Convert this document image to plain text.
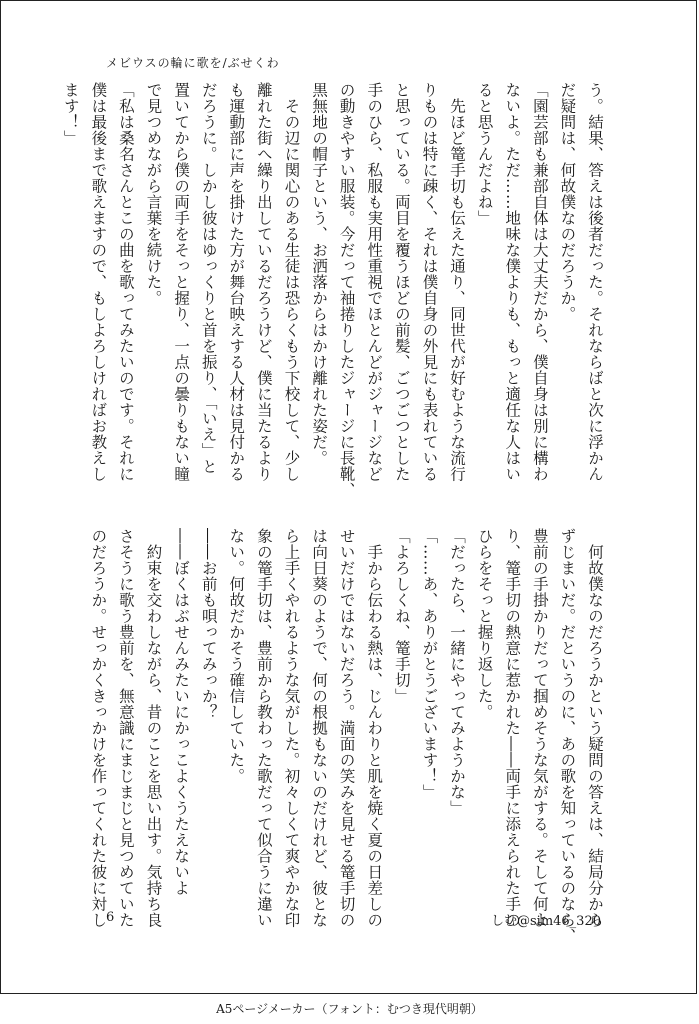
メビウスの輪に歌を/ぶせくわ

う。結果、答えは後者だった。それならばと次に浮かん

だ疑問は、何故僕なのだろうか。

「園芸部も兼部自体は大丈夫だから、僕自身は別に構わ

ないよ。ただ……地味な僕よりも、もっと適任な人はい

ると思うんだよね」

　先ほど篭手切も伝えた通り、同世代が好むような流行

りものは特に疎く、それは僕自身の外見にも表れている

と思っている。両目を覆うほどの前髪、ごつごつとした

手のひら、私服も実用性重視でほとんどがジャージなど

の動きやすい服装。今だって袖捲りしたジャージに長靴、

黒無地の帽子という、お洒落からはかけ離れた姿だ。

　その辺に関心のある生徒は恐らくもう下校して、少し

離れた街へ繰り出しているだろうけど、僕に当たるより

も運動部に声を掛けた方が舞台映えする人材は見付かる

だろうに。しかし彼はゆっくりと首を振り、「いえ」と

置いてから僕の両手をそっと握り、一点の曇りもない瞳

で見つめながら言葉を続けた。

「私は桑名さんとこの曲を歌ってみたいのです。それに

僕は最後まで歌えますので、もしよろしければお教えし

ます！」

　何故僕なのだろうかという疑問の答えは、結局分から

ずじまいだ。だというのに、あの歌を知っているのなら、

豊前の手掛かりだって掴めそうな気がする。そして何よ

り、篭手切の熱意に惹かれた――両手に添えられた手の

ひらをそっと握り返した。

「だったら、一緒にやってみようかな」

「……あ、ありがとうございます！」

「よろしくね、篭手切」

　手から伝わる熱は、じんわりと肌を焼く夏の日差しの

せいだけではないだろう。満面の笑みを見せる篭手切の

は向日葵のようで、何の根拠もないのだけれど、彼とな

ら上手くやれるような気がした。初々しくて爽やかな印

象の篭手切は、豊前から教わった歌だって似合うに違い

ない。何故だかそう確信していた。

――お前も唄ってみっか？

――ぼくはぶせんみたいにかっこよくうたえないよ

　約束を交わしながら、昔のことを思い出す。気持ち良

さそうに歌う豊前を、無意識にまじまじと見つめていた

のだろうか。せっかくきっかけを作ってくれた彼に対し

6	しむ@sim46_320
A5ページメーカー（フォント：むつき現代明朝）
